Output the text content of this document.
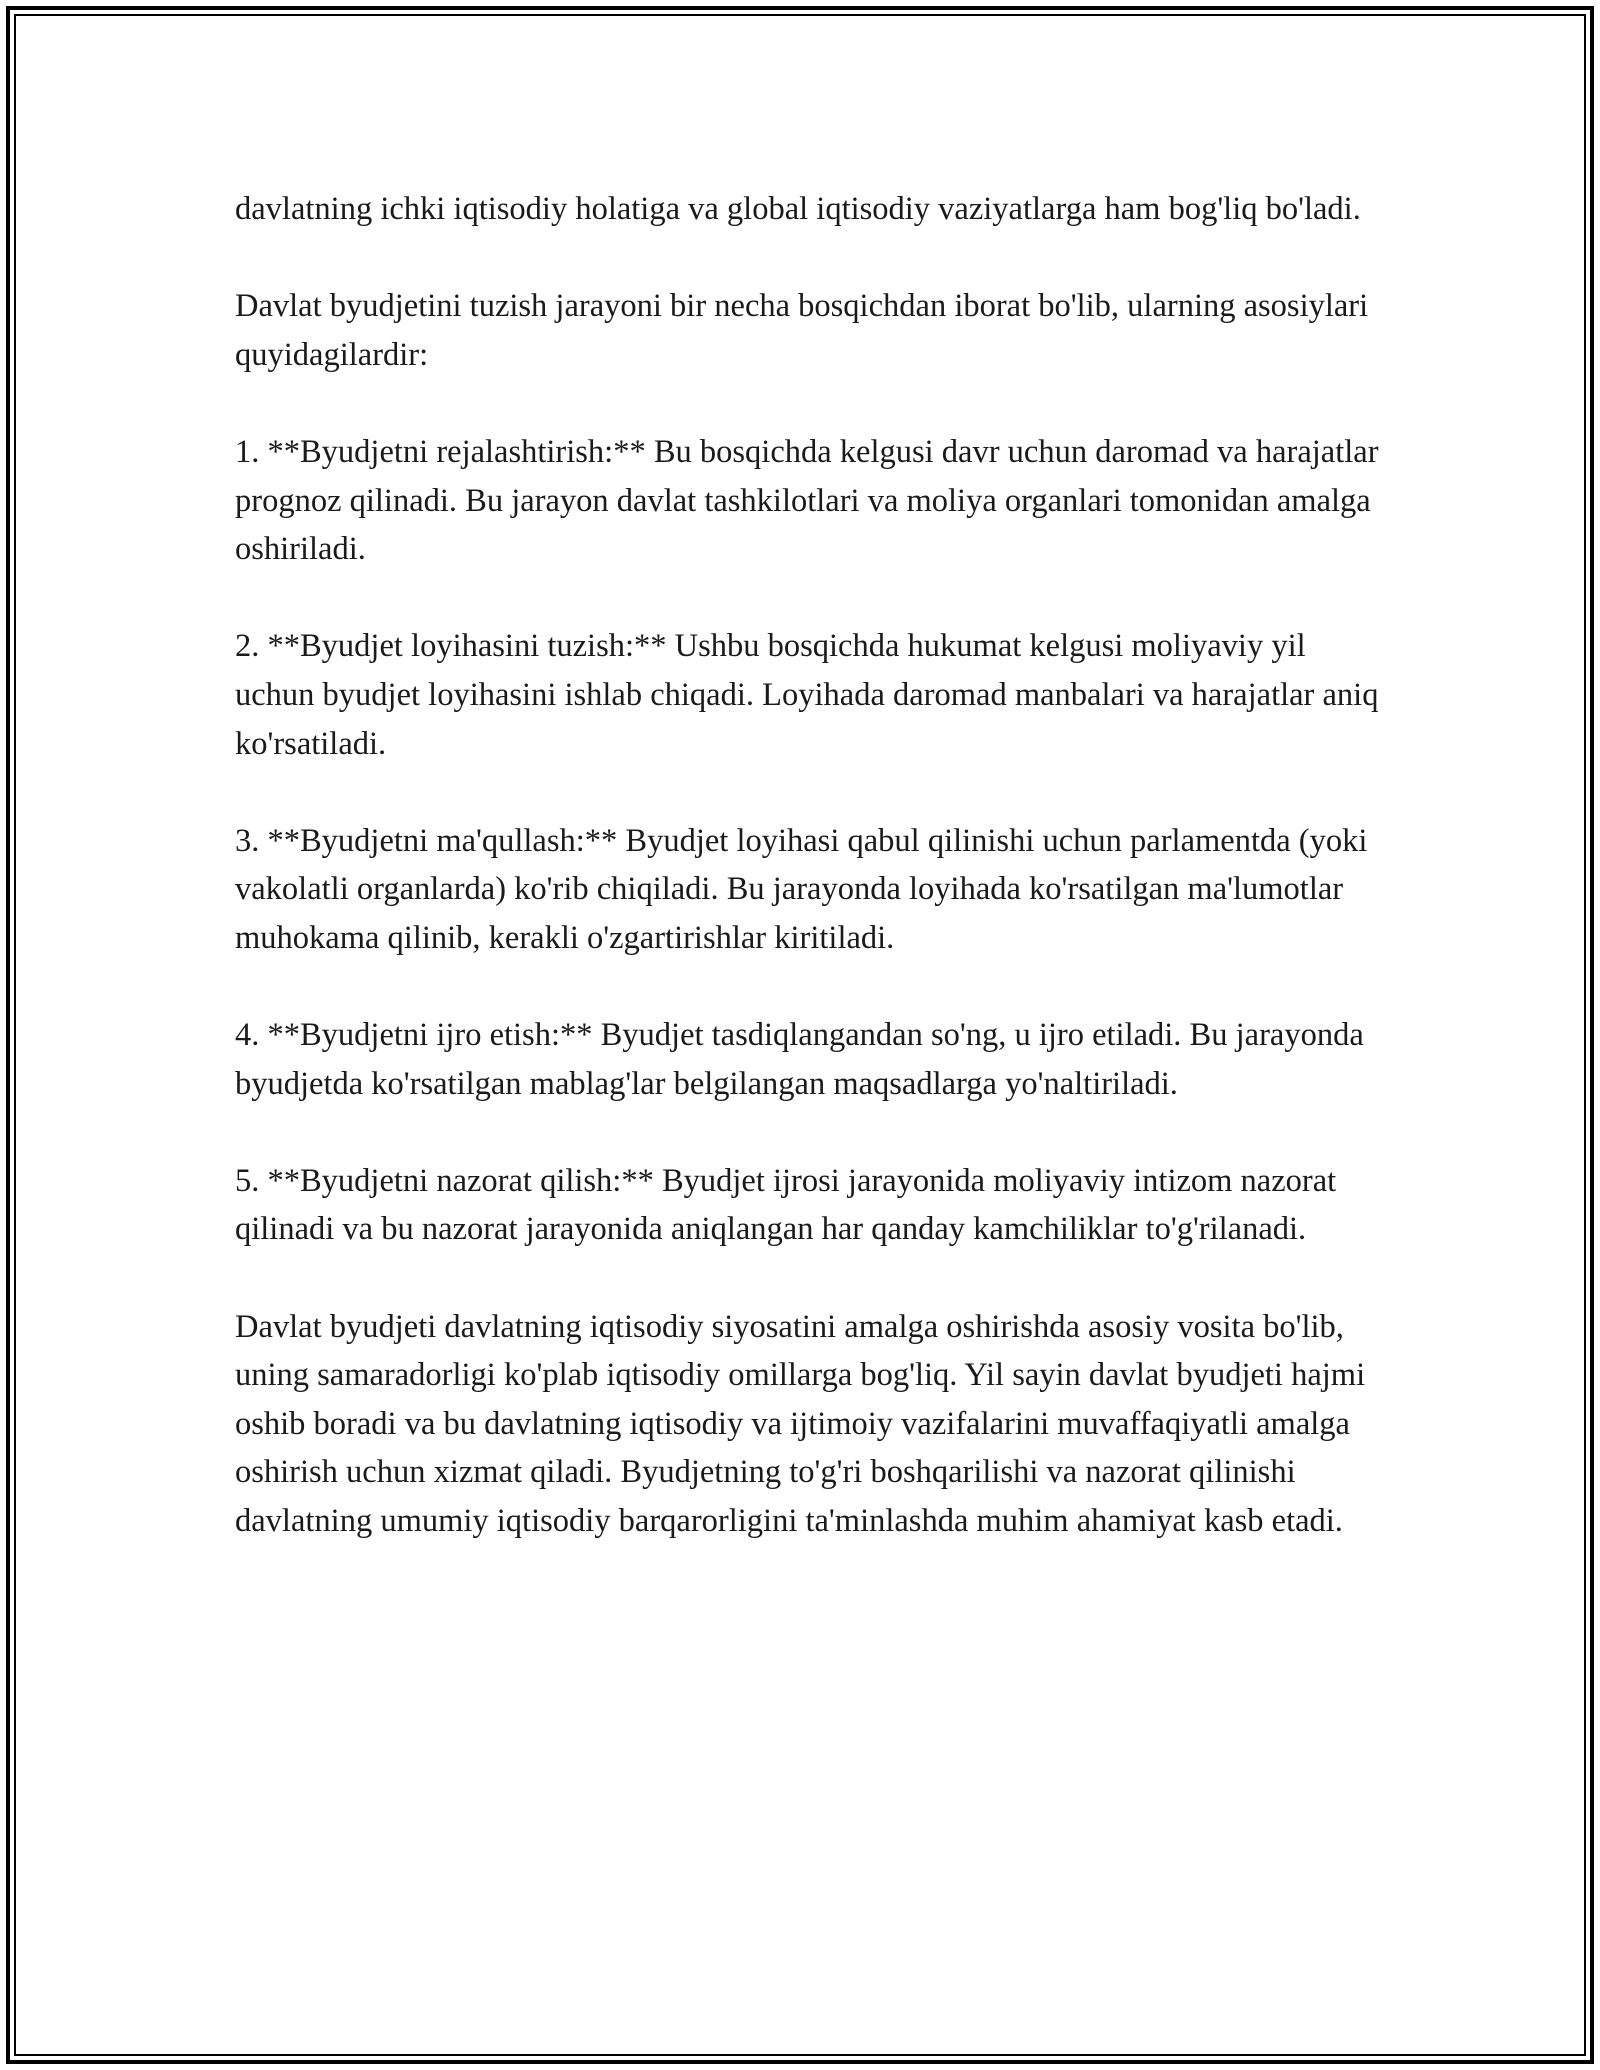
davlatning ichki iqtisodiy holatiga va global iqtisodiy vaziyatlarga ham bog'liq bo'ladi.

Davlat byudjetini tuzish jarayoni bir necha bosqichdan iborat bo'lib, ularning asosiylari quyidagilardir:

1. **Byudjetni rejalashtirish:** Bu bosqichda kelgusi davr uchun daromad va harajatlar prognoz qilinadi. Bu jarayon davlat tashkilotlari va moliya organlari tomonidan amalga oshiriladi.

2. **Byudjet loyihasini tuzish:** Ushbu bosqichda hukumat kelgusi moliyaviy yil uchun byudjet loyihasini ishlab chiqadi. Loyihada daromad manbalari va harajatlar aniq ko'rsatiladi.

3. **Byudjetni ma'qullash:** Byudjet loyihasi qabul qilinishi uchun parlamentda (yoki vakolatli organlarda) ko'rib chiqiladi. Bu jarayonda loyihada ko'rsatilgan ma'lumotlar muhokama qilinib, kerakli o'zgartirishlar kiritiladi.

4. **Byudjetni ijro etish:** Byudjet tasdiqlangandan so'ng, u ijro etiladi. Bu jarayonda byudjetda ko'rsatilgan mablag'lar belgilangan maqsadlarga yo'naltiriladi.

5. **Byudjetni nazorat qilish:** Byudjet ijrosi jarayonida moliyaviy intizom nazorat qilinadi va bu nazorat jarayonida aniqlangan har qanday kamchiliklar to'g'rilanadi.

Davlat byudjeti davlatning iqtisodiy siyosatini amalga oshirishda asosiy vosita bo'lib, uning samaradorligi ko'plab iqtisodiy omillarga bog'liq. Yil sayin davlat byudjeti hajmi oshib boradi va bu davlatning iqtisodiy va ijtimoiy vazifalarini muvaffaqiyatli amalga oshirish uchun xizmat qiladi. Byudjetning to'g'ri boshqarilishi va nazorat qilinishi davlatning umumiy iqtisodiy barqarorligini ta'minlashda muhim ahamiyat kasb etadi.
